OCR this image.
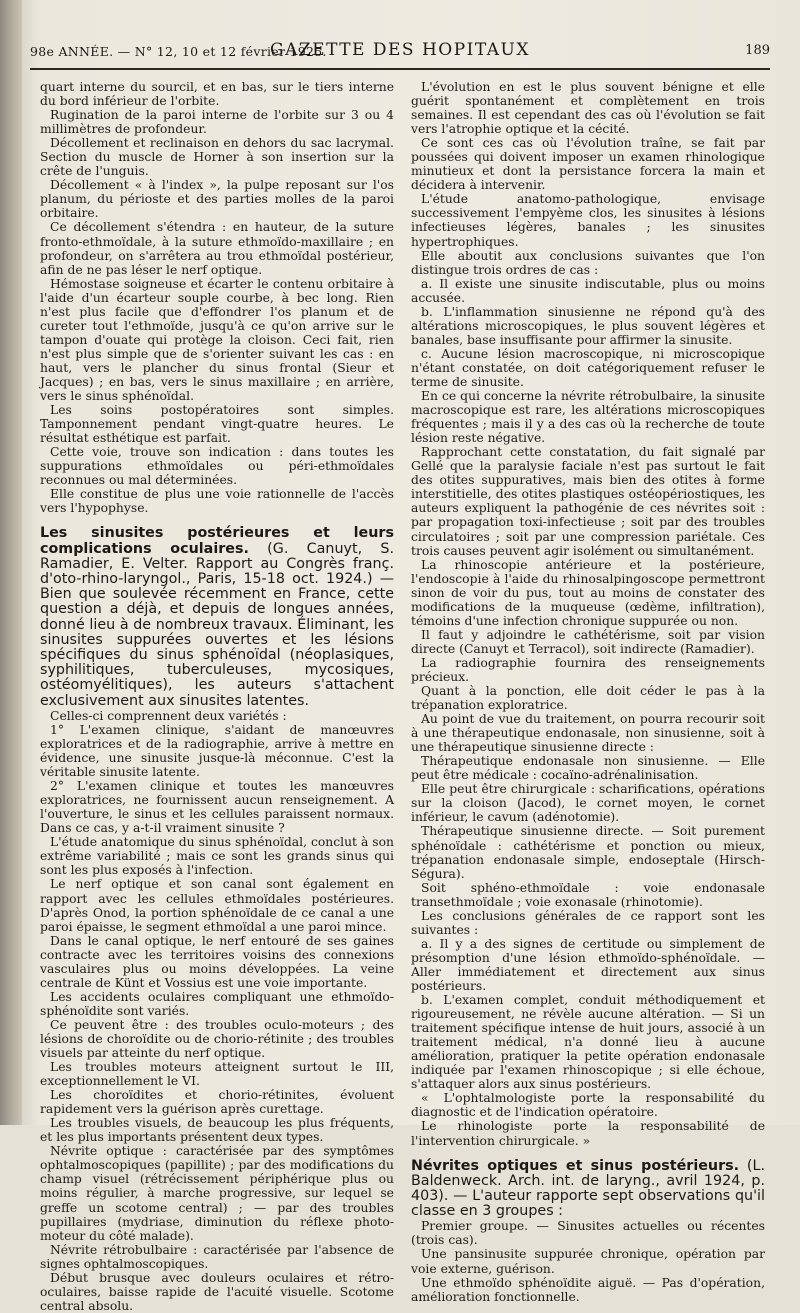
98e ANNÉE. — N° 12, 10 et 12 février 1925.
GAZETTE DES HOPITAUX	189

quart interne du sourcil, et en bas, sur le tiers interne du bord inférieur de l'orbite.

Rugination de la paroi interne de l'orbite sur 3 ou 4 millimètres de profondeur.

Décollement et reclinaison en dehors du sac lacrymal. Section du muscle de Horner à son insertion sur la crête de l'unguis.

Décollement « à l'index », la pulpe reposant sur l'os planum, du périoste et des parties molles de la paroi orbitaire.

Ce décollement s'étendra : en hauteur, de la suture fronto-ethmoïdale, à la suture ethmoïdo-maxillaire ; en profondeur, on s'arrêtera au trou ethmoïdal postérieur, afin de ne pas léser le nerf optique.

Hémostase soigneuse et écarter le contenu orbitaire à l'aide d'un écarteur souple courbe, à bec long. Rien n'est plus facile que d'effondrer l'os planum et de cureter tout l'ethmoïde, jusqu'à ce qu'on arrive sur le tampon d'ouate qui protège la cloison. Ceci fait, rien n'est plus simple que de s'orienter suivant les cas : en haut, vers le plancher du sinus frontal (Sieur et Jacques) ; en bas, vers le sinus maxillaire ; en arrière, vers le sinus sphénoïdal.

Les soins postopératoires sont simples. Tamponnement pendant vingt-quatre heures. Le résultat esthétique est parfait.

Cette voie, trouve son indication : dans toutes les suppurations ethmoïdales ou péri-ethmoïdales reconnues ou mal déterminées.

Elle constitue de plus une voie rationnelle de l'accès vers l'hypophyse.

Les sinusites postérieures et leurs complications oculaires. (G. Canuyt, S. Ramadier, E. Velter. Rapport au Congrès franç. d'oto-rhino-laryngol., Paris, 15-18 oct. 1924.) — Bien que soulevée récemment en France, cette question a déjà, et depuis de longues années, donné lieu à de nombreux travaux. Éliminant, les sinusites suppurées ouvertes et les lésions spécifiques du sinus sphénoïdal (néoplasiques, syphilitiques, tuberculeuses, mycosiques, ostéomyélitiques), les auteurs s'attachent exclusivement aux sinusites latentes.

Celles-ci comprennent deux variétés :

1° L'examen clinique, s'aidant de manœuvres exploratrices et de la radiographie, arrive à mettre en évidence, une sinusite jusque-là méconnue. C'est la véritable sinusite latente.

2° L'examen clinique et toutes les manœuvres exploratrices, ne fournissent aucun renseignement. A l'ouverture, le sinus et les cellules paraissent normaux. Dans ce cas, y a-t-il vraiment sinusite ?

L'étude anatomique du sinus sphénoïdal, conclut à son extrême variabilité ; mais ce sont les grands sinus qui sont les plus exposés à l'infection.

Le nerf optique et son canal sont également en rapport avec les cellules ethmoïdales postérieures. D'après Onod, la portion sphénoïdale de ce canal a une paroi épaisse, le segment ethmoïdal a une paroi mince.

Dans le canal optique, le nerf entouré de ses gaines contracte avec les territoires voisins des connexions vasculaires plus ou moins développées. La veine centrale de Künt et Vossius est une voie importante.

Les accidents oculaires compliquant une ethmoïdo-sphénoïdite sont variés.

Ce peuvent être : des troubles oculo-moteurs ; des lésions de choroïdite ou de chorio-rétinite ; des troubles visuels par atteinte du nerf optique.

Les troubles moteurs atteignent surtout le III, exceptionnellement le VI.

Les choroïdites et chorio-rétinites, évoluent rapidement vers la guérison après curettage.

Les troubles visuels, de beaucoup les plus fréquents, et les plus importants présentent deux types.

Névrite optique : caractérisée par des symptômes ophtalmoscopiques (papillite) ; par des modifications du champ visuel (rétrécissement périphérique plus ou moins régulier, à marche progressive, sur lequel se greffe un scotome central) ; — par des troubles pupillaires (mydriase, diminution du réflexe photo-moteur du côté malade).

Névrite rétrobulbaire : caractérisée par l'absence de signes ophtalmoscopiques.

Début brusque avec douleurs oculaires et rétro-oculaires, baisse rapide de l'acuité visuelle. Scotome central absolu.

L'évolution en est le plus souvent bénigne et elle guérit spontanément et complètement en trois semaines. Il est cependant des cas où l'évolution se fait vers l'atrophie optique et la cécité.

Ce sont ces cas où l'évolution traîne, se fait par poussées qui doivent imposer un examen rhinologique minutieux et dont la persistance forcera la main et décidera à intervenir.

L'étude anatomo-pathologique, envisage successivement l'empyème clos, les sinusites à lésions infectieuses légères, banales ; les sinusites hypertrophiques.

Elle aboutit aux conclusions suivantes que l'on distingue trois ordres de cas :

a. Il existe une sinusite indiscutable, plus ou moins accusée.

b. L'inflammation sinusienne ne répond qu'à des altérations microscopiques, le plus souvent légères et banales, base insuffisante pour affirmer la sinusite.

c. Aucune lésion macroscopique, ni microscopique n'étant constatée, on doit catégoriquement refuser le terme de sinusite.

En ce qui concerne la névrite rétrobulbaire, la sinusite macroscopique est rare, les altérations microscopiques fréquentes ; mais il y a des cas où la recherche de toute lésion reste négative.

Rapprochant cette constatation, du fait signalé par Gellé que la paralysie faciale n'est pas surtout le fait des otites suppuratives, mais bien des otites à forme interstitielle, des otites plastiques ostéopériostiques, les auteurs expliquent la pathogénie de ces névrites soit : par propagation toxi-infectieuse ; soit par des troubles circulatoires ; soit par une compression pariétale. Ces trois causes peuvent agir isolément ou simultanément.

La rhinoscopie antérieure et la postérieure, l'endoscopie à l'aide du rhinosalpingoscope permettront sinon de voir du pus, tout au moins de constater des modifications de la muqueuse (œdème, infiltration), témoins d'une infection chronique suppurée ou non.

Il faut y adjoindre le cathétérisme, soit par vision directe (Canuyt et Terracol), soit indirecte (Ramadier).

La radiographie fournira des renseignements précieux.

Quant à la ponction, elle doit céder le pas à la trépanation exploratrice.

Au point de vue du traitement, on pourra recourir soit à une thérapeutique endonasale, non sinusienne, soit à une thérapeutique sinusienne directe :

Thérapeutique endonasale non sinusienne. — Elle peut être médicale : cocaïno-adrénalinisation.

Elle peut être chirurgicale : scharifications, opérations sur la cloison (Jacod), le cornet moyen, le cornet inférieur, le cavum (adénotomie).

Thérapeutique sinusienne directe. — Soit purement sphénoïdale : cathétérisme et ponction ou mieux, trépanation endonasale simple, endoseptale (Hirsch-Ségura).

Soit sphéno-ethmoïdale : voie endonasale transethmoïdale ; voie exonasale (rhinotomie).

Les conclusions générales de ce rapport sont les suivantes :

a. Il y a des signes de certitude ou simplement de présomption d'une lésion ethmoïdo-sphénoïdale. — Aller immédiatement et directement aux sinus postérieurs.

b. L'examen complet, conduit méthodiquement et rigoureusement, ne révèle aucune altération. — Si un traitement spécifique intense de huit jours, associé à un traitement médical, n'a donné lieu à aucune amélioration, pratiquer la petite opération endonasale indiquée par l'examen rhinoscopique ; si elle échoue, s'attaquer alors aux sinus postérieurs.

« L'ophtalmologiste porte la responsabilité du diagnostic et de l'indication opératoire.

Le rhinologiste porte la responsabilité de l'intervention chirurgicale. »

Névrites optiques et sinus postérieurs. (L. Baldenweck. Arch. int. de laryng., avril 1924, p. 403). — L'auteur rapporte sept observations qu'il classe en 3 groupes :

Premier groupe. — Sinusites actuelles ou récentes (trois cas).

Une pansinusite suppurée chronique, opération par voie externe, guérison.

Une ethmoïdo sphénoïdite aiguë. — Pas d'opération, amélioration fonctionnelle.
